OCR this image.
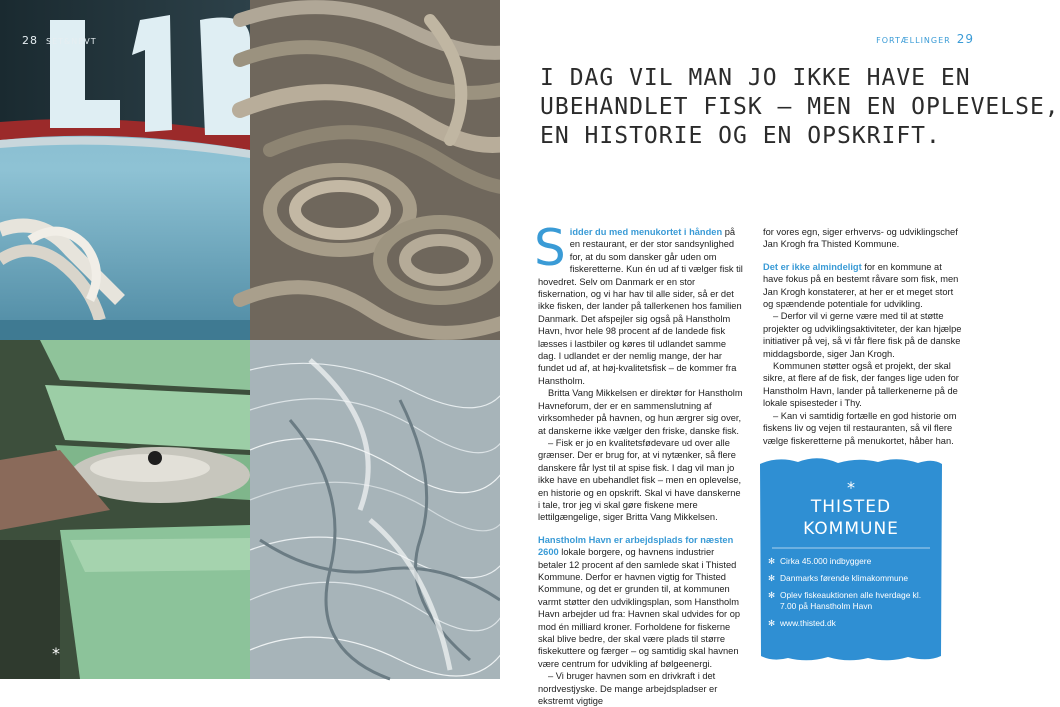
28 SET&NEVT
*
FORTÆLLINGER 29
I DAG VIL MAN JO IKKE HAVE EN
UBEHANDLET FISK – MEN EN OPLEVELSE,
EN HISTORIE OG EN OPSKRIFT.

Sidder du med menukortet i hånden på en restaurant, er der stor sandsynlighed for, at du som dansker går uden om fiskeretterne. Kun én ud af ti vælger fisk til hovedret. Selv om Danmark er en stor fiskernation, og vi har hav til alle sider, så er det ikke fisken, der lander på tallerkenen hos familien Danmark. Det afspejler sig også på Hanstholm Havn, hvor hele 98 procent af de landede fisk læsses i lastbiler og køres til udlandet samme dag. I udlandet er der nemlig mange, der har fundet ud af, at høj-kvalitetsfisk – de kommer fra Hanstholm.

Britta Vang Mikkelsen er direktør for Hanstholm Havneforum, der er en sammenslutning af virksomheder på havnen, og hun ærgrer sig over, at danskerne ikke vælger den friske, danske fisk.

– Fisk er jo en kvalitetsfødevare ud over alle grænser. Der er brug for, at vi nytænker, så flere danskere får lyst til at spise fisk. I dag vil man jo ikke have en ubehandlet fisk – men en oplevelse, en historie og en opskrift. Skal vi have danskerne i tale, tror jeg vi skal gøre fiskene mere lettilgængelige, siger Britta Vang Mikkelsen.

Hanstholm Havn er arbejdsplads for næsten 2600 lokale borgere, og havnens industrier betaler 12 procent af den samlede skat i Thisted Kommune. Derfor er havnen vigtig for Thisted Kommune, og det er grunden til, at kommunen varmt støtter den udviklingsplan, som Hanstholm Havn arbejder ud fra: Havnen skal udvides for op mod én milliard kroner. Forholdene for fiskerne skal blive bedre, der skal være plads til større fiskekuttere og færger – og samtidig skal havnen være centrum for udvikling af bølgeenergi.

– Vi bruger havnen som en drivkraft i det nordvestjyske. De mange arbejdspladser er ekstremt vigtige

for vores egn, siger erhvervs- og udviklingschef Jan Krogh fra Thisted Kommune.

Det er ikke almindeligt for en kommune at have fokus på en bestemt råvare som fisk, men Jan Krogh konstaterer, at her er et meget stort og spændende potentiale for udvikling.

– Derfor vil vi gerne være med til at støtte projekter og udviklingsaktiviteter, der kan hjælpe initiativer på vej, så vi får flere fisk på de danske middagsborde, siger Jan Krogh.

Kommunen støtter også et projekt, der skal sikre, at flere af de fisk, der fanges lige uden for Hanstholm Havn, lander på tallerkenerne på de lokale spisesteder i Thy.

– Kan vi samtidig fortælle en god historie om fiskens liv og vejen til restauranten, så vil flere vælge fiskeretterne på menukortet, håber han.

*
THISTED
KOMMUNE
✻ Cirka 45.000 indbyggere
✻ Danmarks førende klimakommune
✻ Oplev fiskeauktionen alle hverdage kl. 7.00 på Hanstholm Havn
✻ www.thisted.dk
